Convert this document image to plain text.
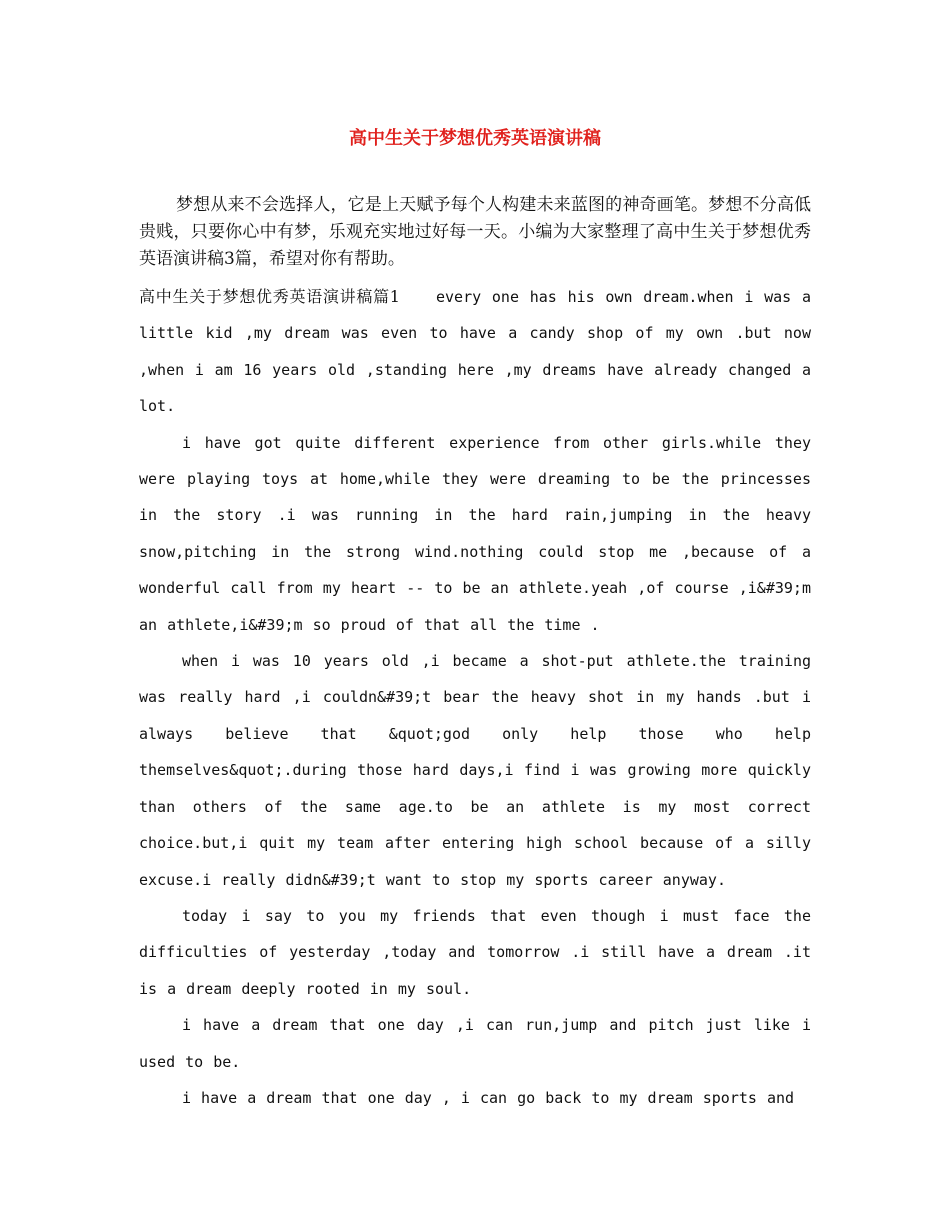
高中生关于梦想优秀英语演讲稿

梦想从来不会选择人，它是上天赋予每个人构建未来蓝图的神奇画笔。梦想不分高低贵贱，只要你心中有梦，乐观充实地过好每一天。小编为大家整理了高中生关于梦想优秀英语演讲稿3篇，希望对你有帮助。

高中生关于梦想优秀英语演讲稿篇1 every one has his own dream.when i was a little kid ,my dream was even to have a candy shop of my own .but now ,when i am 16 years old ,standing here ,my dreams have already changed a lot.

i have got quite different experience from other girls.while they were playing toys at home,while they were dreaming to be the princesses in the story .i was running in the hard rain,jumping in the heavy snow,pitching in the strong wind.nothing could stop me ,because of a wonderful call from my heart -- to be an athlete.yeah ,of course ,i&#39;m an athlete,i&#39;m so proud of that all the time .

when i was 10 years old ,i became a shot-put athlete.the training was really hard ,i couldn&#39;t bear the heavy shot in my hands .but i always believe that &quot;god only help those who help themselves&quot;.during those hard days,i find i was growing more quickly than others of the same age.to be an athlete is my most correct choice.but,i quit my team after entering high school because of a silly excuse.i really didn&#39;t want to stop my sports career anyway.

today i say to you my friends that even though i must face the difficulties of yesterday ,today and tomorrow .i still have a dream .it is a dream deeply rooted in my soul.

i have a dream that one day ,i can run,jump and pitch just like i used to be.

i have a dream that one day , i can go back to my dream sports and
